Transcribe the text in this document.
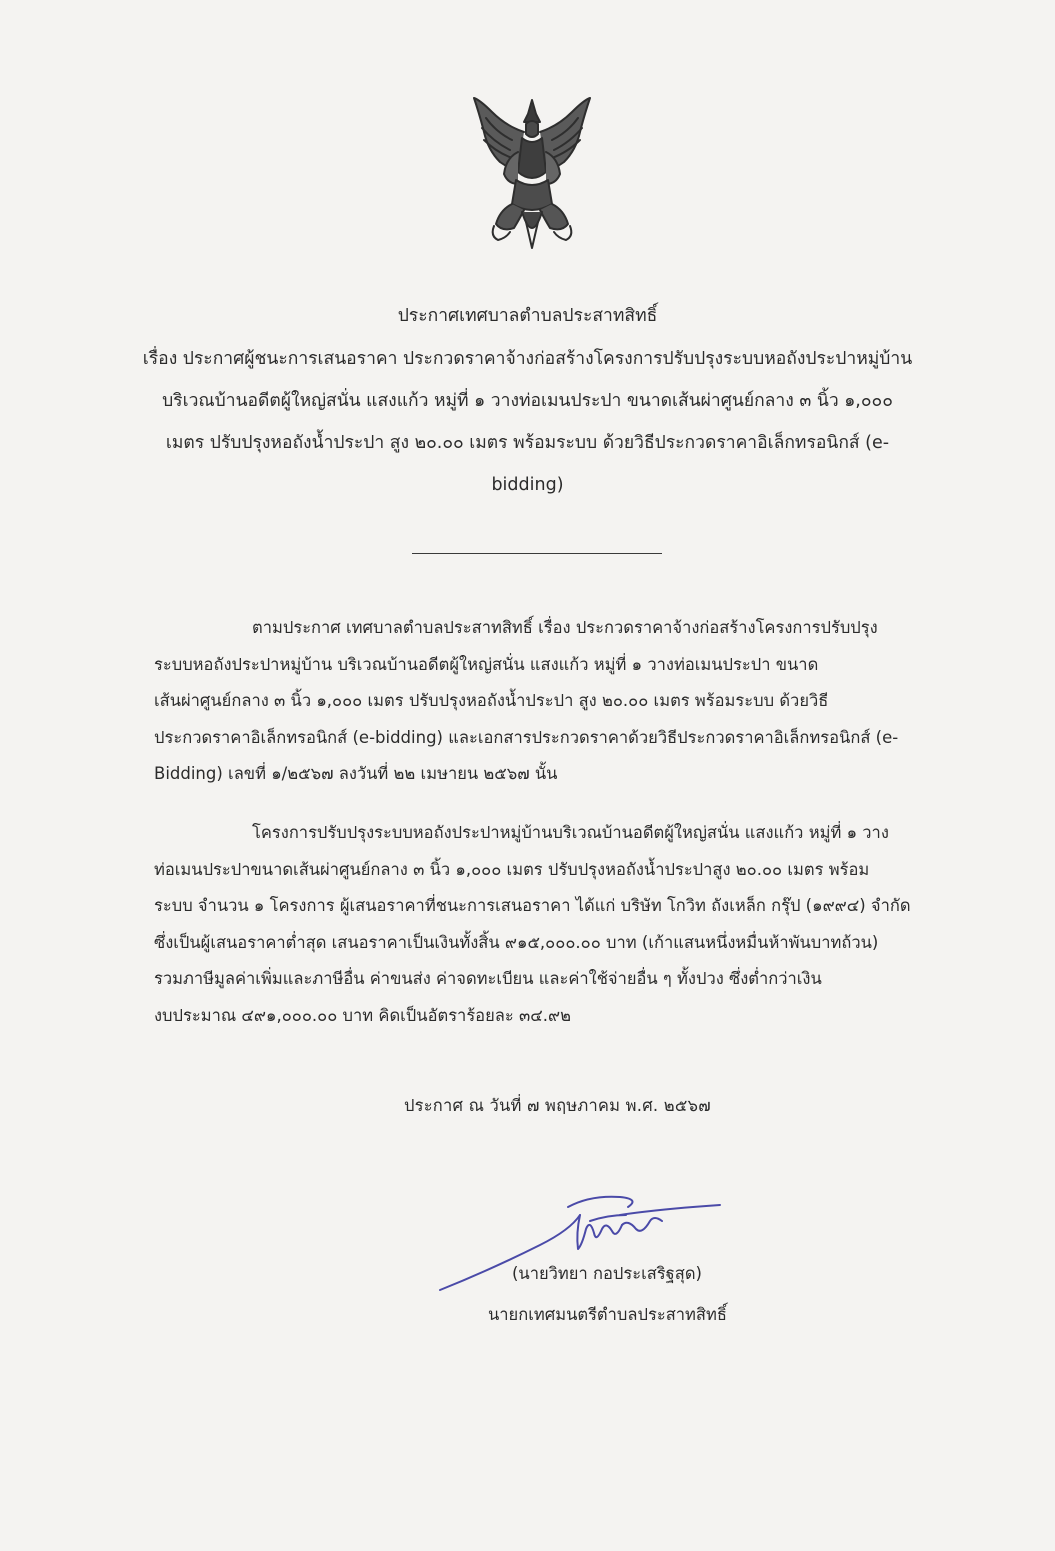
ประกาศเทศบาลตำบลประสาทสิทธิ์
เรื่อง ประกาศผู้ชนะการเสนอราคา ประกวดราคาจ้างก่อสร้างโครงการปรับปรุงระบบหอถังประปาหมู่บ้าน
บริเวณบ้านอดีตผู้ใหญ่สนั่น แสงแก้ว หมู่ที่ ๑ วางท่อเมนประปา ขนาดเส้นผ่าศูนย์กลาง ๓ นิ้ว ๑,๐๐๐
เมตร ปรับปรุงหอถังน้ำประปา สูง ๒๐.๐๐ เมตร พร้อมระบบ ด้วยวิธีประกวดราคาอิเล็กทรอนิกส์ (e-
bidding)
ตามประกาศ เทศบาลตำบลประสาทสิทธิ์ เรื่อง ประกวดราคาจ้างก่อสร้างโครงการปรับปรุง
ระบบหอถังประปาหมู่บ้าน บริเวณบ้านอดีตผู้ใหญ่สนั่น แสงแก้ว หมู่ที่ ๑ วางท่อเมนประปา ขนาด
เส้นผ่าศูนย์กลาง ๓ นิ้ว ๑,๐๐๐ เมตร ปรับปรุงหอถังน้ำประปา สูง ๒๐.๐๐ เมตร พร้อมระบบ ด้วยวิธี
ประกวดราคาอิเล็กทรอนิกส์ (e-bidding) และเอกสารประกวดราคาด้วยวิธีประกวดราคาอิเล็กทรอนิกส์ (e-
Bidding) เลขที่ ๑/๒๕๖๗ ลงวันที่ ๒๒ เมษายน ๒๕๖๗ นั้น
โครงการปรับปรุงระบบหอถังประปาหมู่บ้านบริเวณบ้านอดีตผู้ใหญ่สนั่น แสงแก้ว หมู่ที่ ๑ วาง
ท่อเมนประปาขนาดเส้นผ่าศูนย์กลาง ๓ นิ้ว ๑,๐๐๐ เมตร ปรับปรุงหอถังน้ำประปาสูง ๒๐.๐๐ เมตร พร้อม
ระบบ จำนวน ๑ โครงการ ผู้เสนอราคาที่ชนะการเสนอราคา ได้แก่ บริษัท โกวิท ถังเหล็ก กรุ๊ป (๑๙๙๔) จำกัด
ซึ่งเป็นผู้เสนอราคาต่ำสุด เสนอราคาเป็นเงินทั้งสิ้น ๙๑๕,๐๐๐.๐๐ บาท (เก้าแสนหนึ่งหมื่นห้าพันบาทถ้วน)
รวมภาษีมูลค่าเพิ่มและภาษีอื่น ค่าขนส่ง ค่าจดทะเบียน และค่าใช้จ่ายอื่น ๆ ทั้งปวง ซึ่งต่ำกว่าเงิน
งบประมาณ ๔๙๑,๐๐๐.๐๐ บาท คิดเป็นอัตราร้อยละ ๓๔.๙๒
ประกาศ ณ วันที่ ๗ พฤษภาคม พ.ศ. ๒๕๖๗
(นายวิทยา กอประเสริฐสุด)
นายกเทศมนตรีตำบลประสาทสิทธิ์
